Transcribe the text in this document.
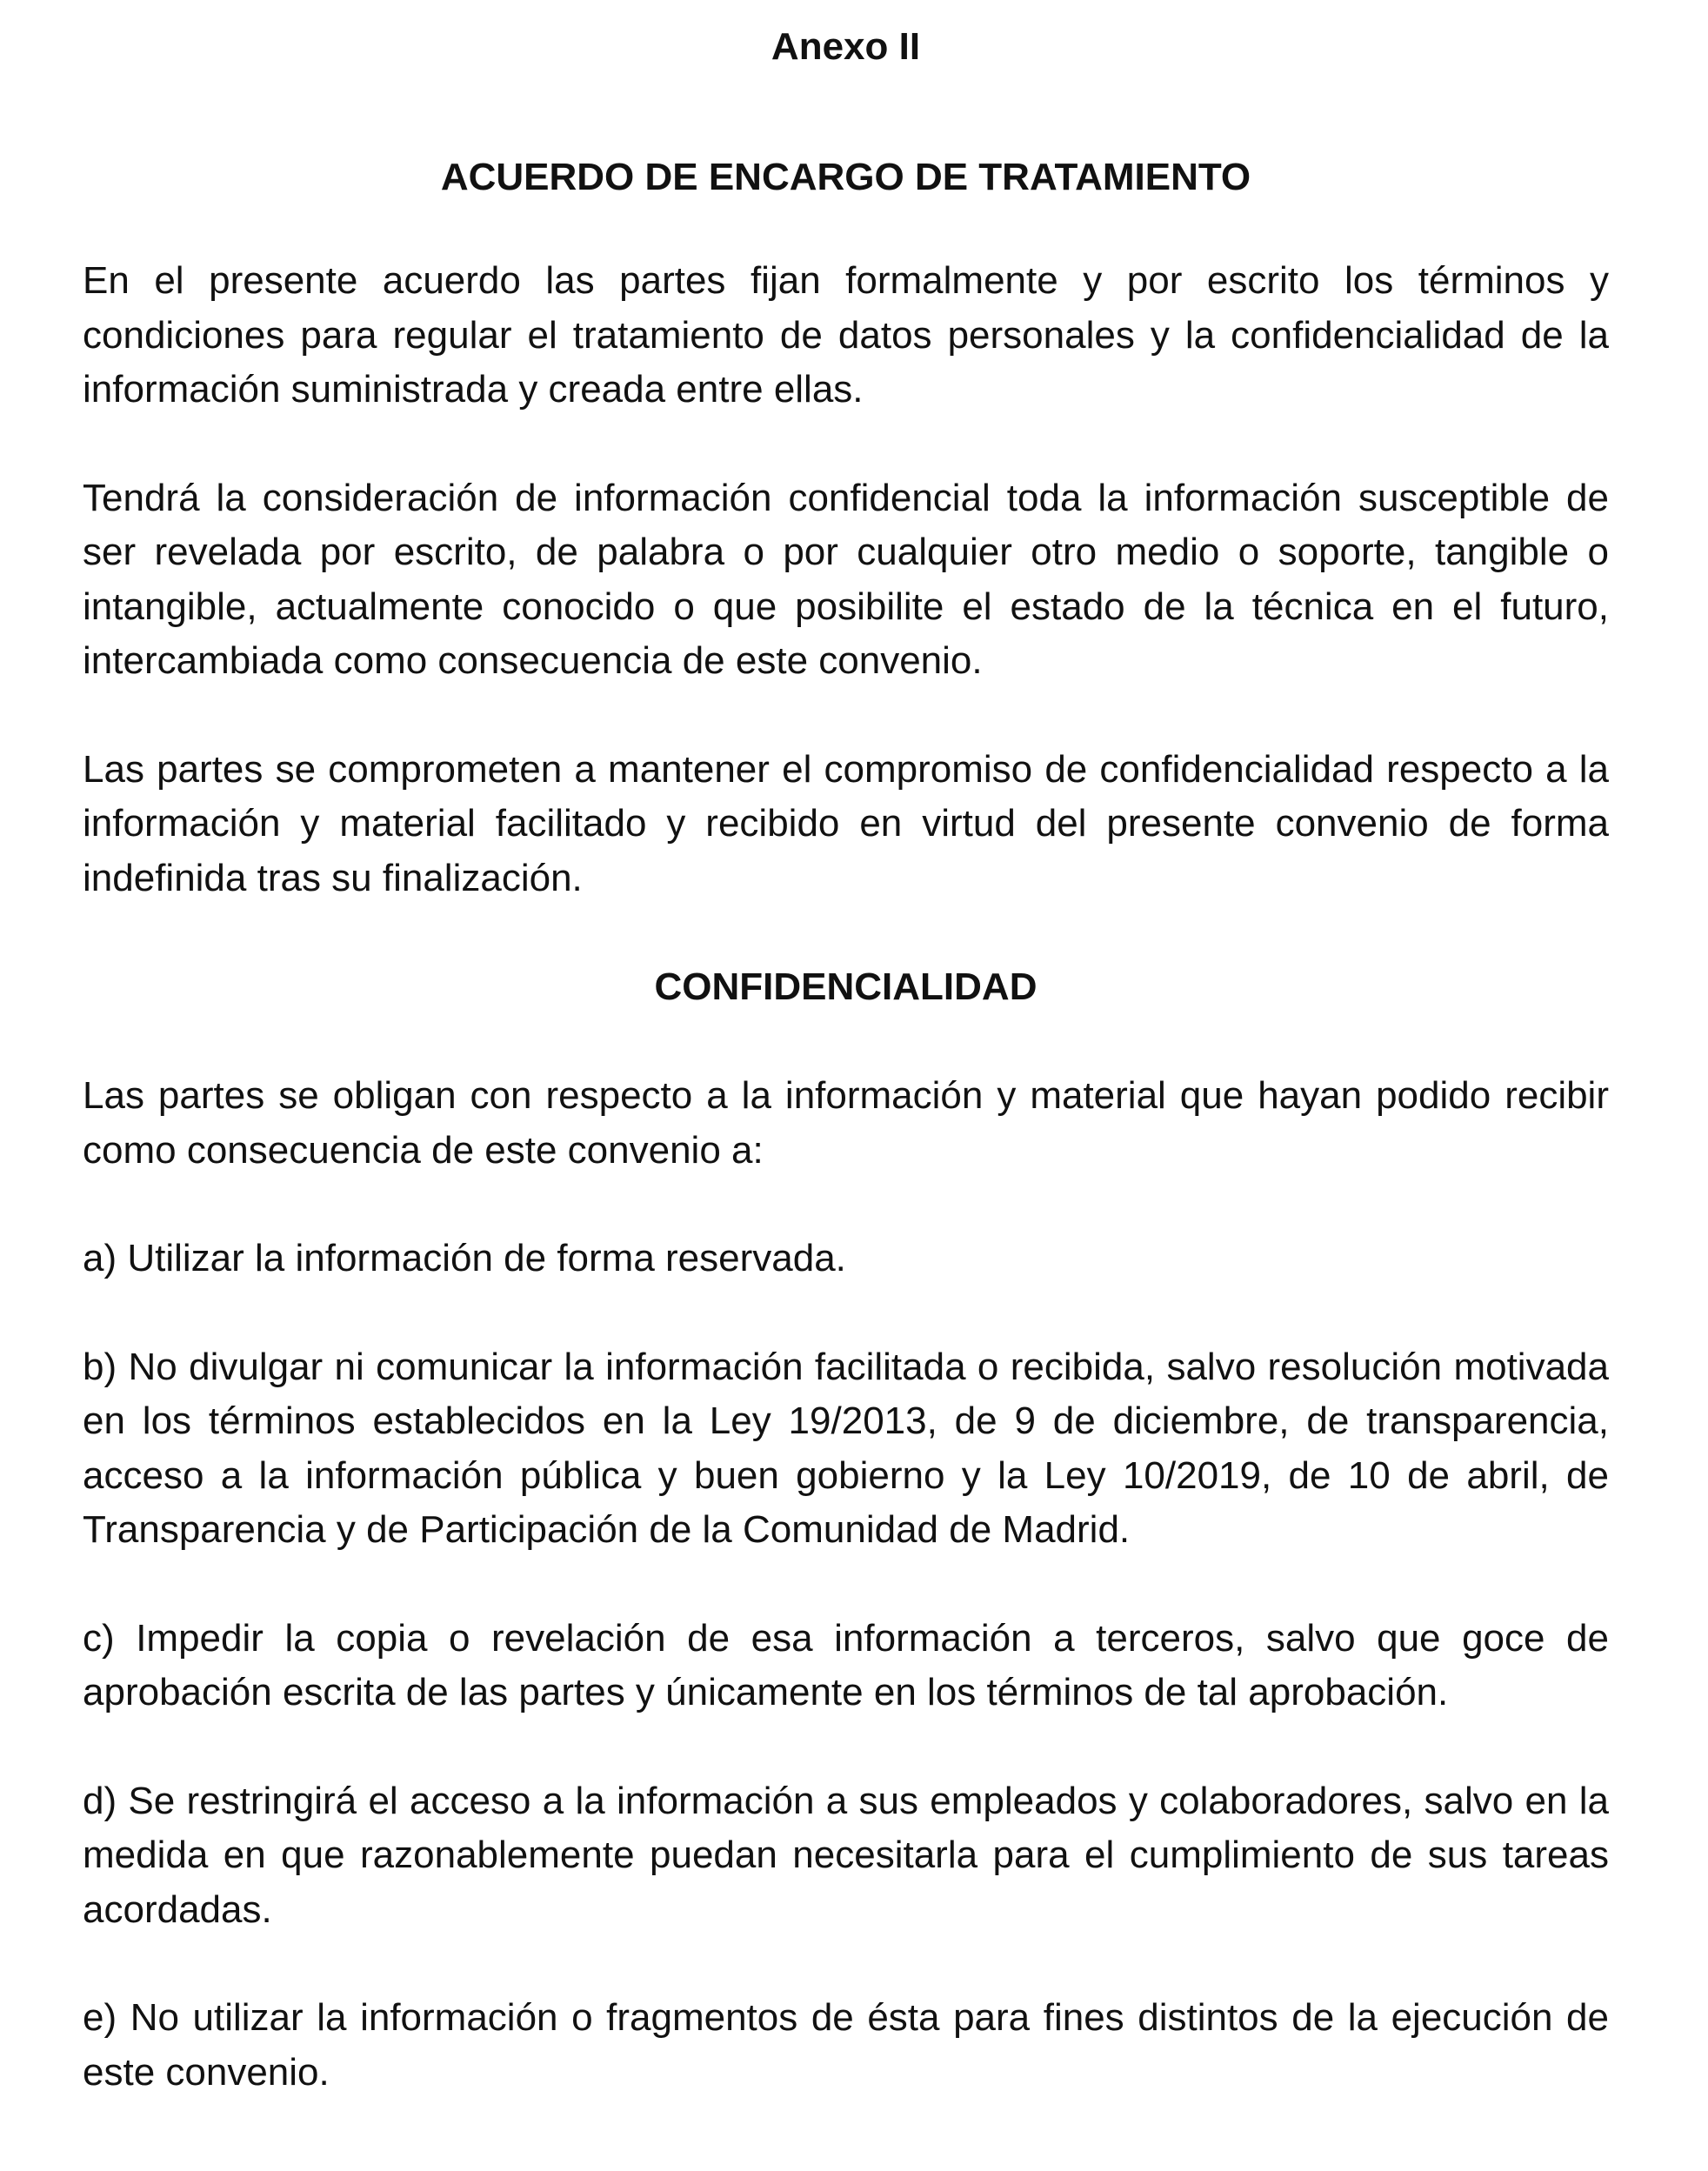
Anexo II
ACUERDO DE ENCARGO DE TRATAMIENTO

En el presente acuerdo las partes fijan formalmente y por escrito los términos y condiciones para regular el tratamiento de datos personales y la confidencialidad de la información suministrada y creada entre ellas.

Tendrá la consideración de información confidencial toda la información susceptible de ser revelada por escrito, de palabra o por cualquier otro medio o soporte, tangible o intangible, actualmente conocido o que posibilite el estado de la técnica en el futuro, intercambiada como consecuencia de este convenio.

Las partes se comprometen a mantener el compromiso de confidencialidad respecto a la información y material facilitado y recibido en virtud del presente convenio de forma indefinida tras su finalización.

CONFIDENCIALIDAD

Las partes se obligan con respecto a la información y material que hayan podido recibir como consecuencia de este convenio a:

a) Utilizar la información de forma reservada.

b) No divulgar ni comunicar la información facilitada o recibida, salvo resolución motivada en los términos establecidos en la Ley 19/2013, de 9 de diciembre, de transparencia, acceso a la información pública y buen gobierno y la Ley 10/2019, de 10 de abril, de Transparencia y de Participación de la Comunidad de Madrid.

c) Impedir la copia o revelación de esa información a terceros, salvo que goce de aprobación escrita de las partes y únicamente en los términos de tal aprobación.

d) Se restringirá el acceso a la información a sus empleados y colaboradores, salvo en la medida en que razonablemente puedan necesitarla para el cumplimiento de sus tareas acordadas.

e) No utilizar la información o fragmentos de ésta para fines distintos de la ejecución de este convenio.
